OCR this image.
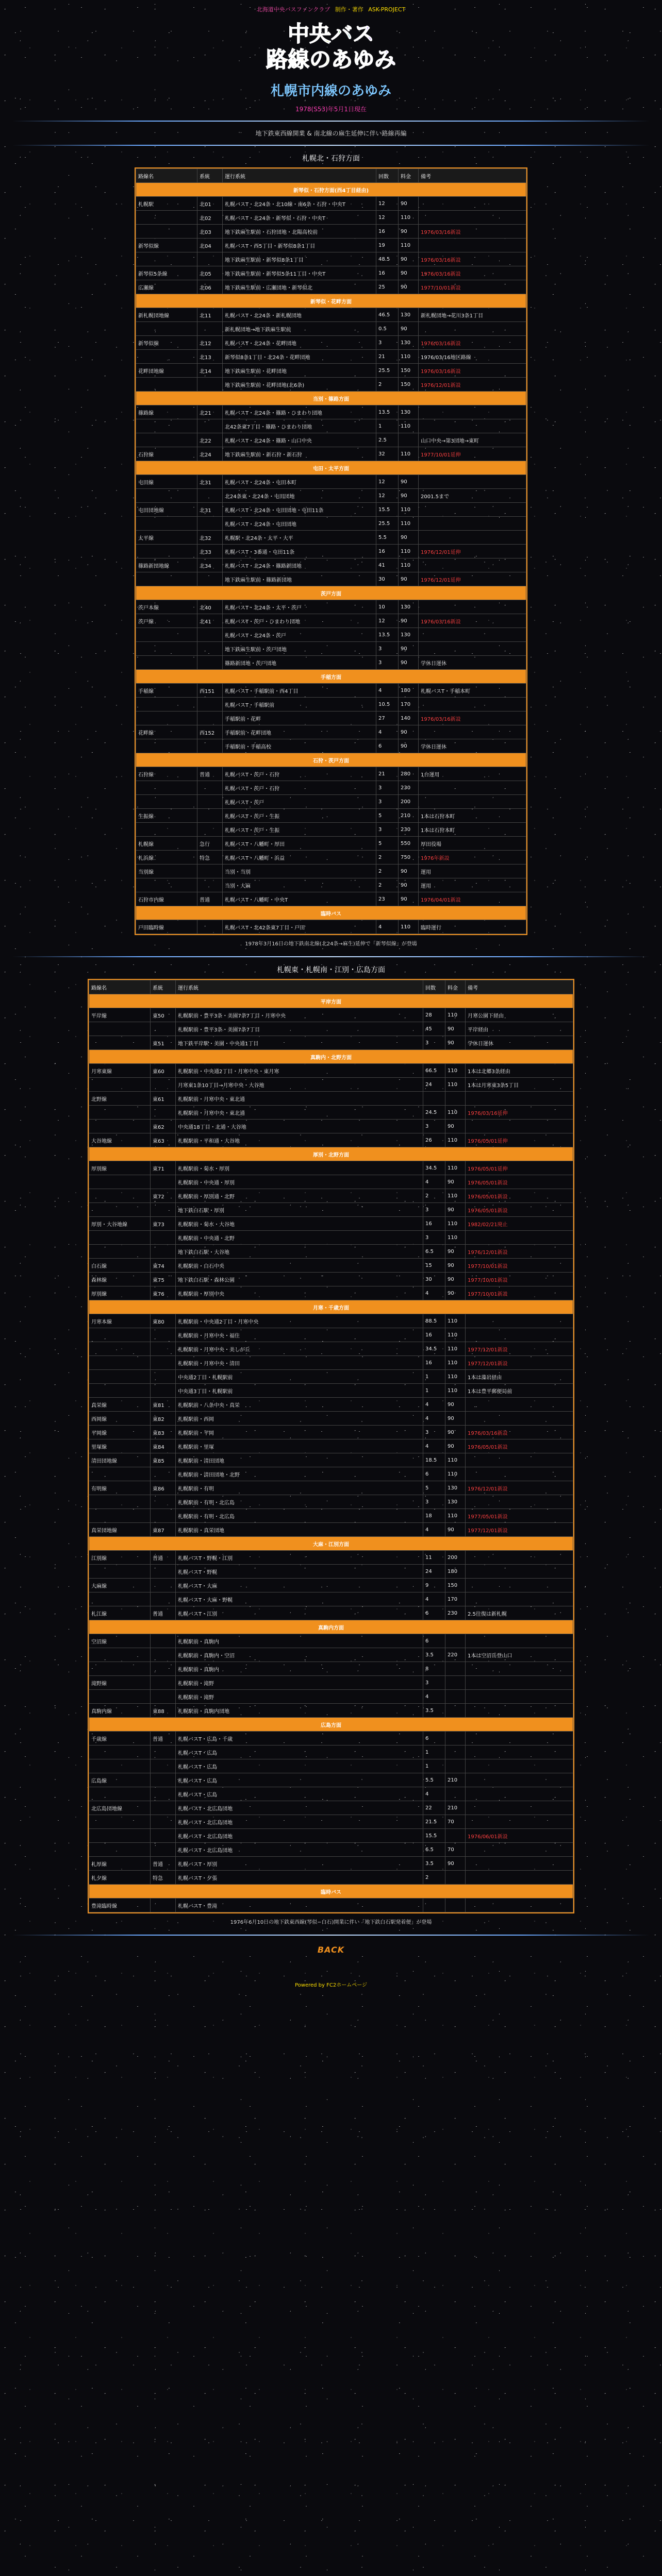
北海道中央バスファンクラブ 制作・著作 ASK-PROJECT
中央バス
路線のあゆみ
札幌市内線のあゆみ
1978(S53)年5月1日現在
地下鉄東西線開業 & 南北線の麻生延伸に伴い路線再編
札幌北・石狩方面
路線名	系統	運行系統	回数	料金	備考
新琴似・石狩方面(西4丁目経由)					
札幌駅	北01	札幌バスT・北24条・北10線・南6条・石狩・中央T	12	90	
	北02	札幌バスT・北24条・新琴似・石狩・中央T	12	110	
	北03	地下鉄麻生駅前・石狩団地・北陽高校前	16	90	1976/03/16新設
新琴似線	北04	札幌バスT・西5丁目・新琴似8条1丁目	19	110	
		地下鉄麻生駅前・新琴似8条1丁目	48.5	90	1976/03/16新設
新琴似5条線	北05	地下鉄麻生駅前・新琴似5条11丁目・中央T	16	90	1976/03/16新設
広瀬線	北06	地下鉄麻生駅前・広瀬団地・新琴似北	25	90	1977/10/01新設
新琴似・花畔方面					
新札幌団地線	北11	札幌バスT・北24条・新札幌団地	46.5	130	新札幌団地→花川3条1丁目
		新札幌団地→地下鉄麻生駅前	0.5	90	
新琴似線	北12	札幌バスT・北24条・花畔団地	3	130	1976/03/16新設
	北13	新琴似8条1丁目・北24条・花畔団地	21	110	1976/03/16地区路線
花畔団地線	北14	地下鉄麻生駅前・花畔団地	25.5	150	1976/03/16新設
		地下鉄麻生駅前・花畔団地(北6条)	2	150	1976/12/01新設
当別・篠路方面					
篠路線	北21	札幌バスT・北24条・篠路・ひまわり団地	13.5	130	
		北42条東7丁目・篠路・ひまわり団地	1	110	
	北22	札幌バスT・北24条・篠路・山口中央	2.5		山口中央→第3団地→東町
石狩線	北24	地下鉄麻生駅前・新石狩・新石狩	32	110	1977/10/01延伸
屯田・太平方面					
屯田線	北31	札幌バスT・北24条・屯田本町	12	90	
		北24条東・北24条・屯田団地	12	90	2001.5まで
屯田団地線	北31	札幌バスT・北24条・屯田団地・屯田11条	15.5	110	
		札幌バスT・北24条・屯田団地	25.5	110	
太平線	北32	札幌駅・北24条・太平・大平	5.5	90	
	北33	札幌バスT・3番通・屯田11条	16	110	1976/12/01延伸
篠路新団地線	北34	札幌バスT・北24条・篠路新団地	41	110	
		地下鉄麻生駅前・篠路新団地	30	90	1976/12/01延伸
茨戸方面					
茨戸本線	北40	札幌バスT・北24条・太平・茨戸	10	130	
茨戸線	北41	札幌バスT・茨戸・ひまわり団地	12	90	1976/03/16新設
		札幌バスT・北24条・茨戸	13.5	130	
		地下鉄麻生駅前・茨戸団地	3	90	
		篠路新団地・茨戸団地	3	90	学休日運休
手稲方面					
手稲線	西151	札幌バスT・手稲駅前・西4丁目	4	180	札幌バスT・手稲本町
		札幌バスT・手稲駅前	10.5	170	
		手稲駅前・花畔	27	140	1976/03/16新設
花畔線	西152	手稲駅前・花畔団地	4	90	
		手稲駅前・手稲高校	6	90	学休日運休
石狩・茨戸方面					
石狩線	普通	札幌バスT・茨戸・石狩	21	280	1台運用
		札幌バスT・茨戸・石狩	3	230	
		札幌バスT・茨戸	3	200	
生振線		札幌バスT・茨戸・生振	5	210	1本は石狩本町
		札幌バスT・茨戸・生振	3	230	1本は石狩本町
札幌線	急行	札幌バスT・八幡町・厚田	5	550	厚田役場
札浜線	特急	札幌バスT・八幡町・浜益	2	750	1976年新設
当別線		当別・当別	2	90	運用
		当別・大麻	2	90	運用
石狩市内線	普通	札幌バスT・八幡町・中央T	23	90	1976/04/01新設
臨時バス					
戸田臨時線		札幌バスT・北42条東7丁目・戸田	4	110	臨時運行
1978年3月16日の地下鉄南北線(北24条→麻生)延伸で「新琴似線」が登場
札幌東・札幌南・江別・広島方面
路線名	系統	運行系統	回数	料金	備考
平岸方面					
平岸線	東50	札幌駅前・豊平3条・美園7条7丁目・月寒中央	28	110	月寒公園下経由
		札幌駅前・豊平3条・美園7条7丁目	45	90	平岸経由
	東51	地下鉄平岸駅・美園・中央通1丁目	3	90	学休日運休
真駒内・北野方面					
月寒東線	東60	札幌駅前・中央通2丁目・月寒中央・東月寒	66.5	110	1本は北郷3条経由
		月寒東1条10丁目→月寒中央・大谷地	24	110	1本は月寒東3条5丁目
北野線	東61	札幌駅前・月寒中央・東北通			
		札幌駅前・月寒中央・東北通	24.5	110	1976/03/16延伸
	東62	中央通18丁目・北通・大谷地	3	90	
大谷地線	東63	札幌駅前・平和通・大谷地	26	110	1976/05/01延伸
厚別・北野方面					
厚別線	東71	札幌駅前・菊水・厚別	34.5	110	1976/05/01延伸
		札幌駅前・中央通・厚別	4	90	1976/05/01新設
	東72	札幌駅前・厚別通・北野	2	110	1976/05/01新設
		地下鉄白石駅・厚別	3	90	1976/05/01新設
厚別・大谷地線	東73	札幌駅前・菊水・大谷地	16	110	1982/02/21廃止
		札幌駅前・中央通・北野	3	110	
		地下鉄白石駅・大谷地	6.5	90	1976/12/01新設
白石線	東74	札幌駅前・白石中央	15	90	1977/10/01新設
森林線	東75	地下鉄白石駅・森林公園	30	90	1977/10/01新設
厚別線	東76	札幌駅前・厚別中央	4	90	1977/10/01新設
月寒・千歳方面					
月寒本線	東80	札幌駅前・中央通2丁目・月寒中央	88.5	110	
		札幌駅前・月寒中央・福住	16	110	
		札幌駅前・月寒中央・美しが丘	34.5	110	1977/12/01新設
		札幌駅前・月寒中央・清田	16	110	1977/12/01新設
		中央通2丁目・札幌駅前	1	110	1本は藻岩経由
		中央通3丁目・札幌駅前	1	110	1本は豊平郵便局前
真栄線	東81	札幌駅前・八条中央・真栄	4	90	
西岡線	東82	札幌駅前・西岡	4	90	
平岡線	東83	札幌駅前・平岡	3	90	1976/03/16新設
里塚線	東84	札幌駅前・里塚	4	90	1976/05/01新設
清田団地線	東85	札幌駅前・清田団地	18.5	110	
		札幌駅前・清田団地・北野	6	110	
有明線	東86	札幌駅前・有明	5	130	1976/12/01新設
		札幌駅前・有明・北広島	3	130	
		札幌駅前・有明・北広島	18	110	1977/05/01新設
真栄団地線	東87	札幌駅前・真栄団地	4	90	1977/12/01新設
大麻・江別方面					
江別線	普通	札幌バスT・野幌・江別	11	200	
		札幌バスT・野幌	24	180	
大麻線		札幌バスT・大麻	9	150	
		札幌バスT・大麻・野幌	4	170	
札江線	普通	札幌バスT・江別	6	230	2.5往復は新札幌
真駒内方面					
空沼線		札幌駅前・真駒内	6		
		札幌駅前・真駒内・空沼	3.5	220	1本は空沼岳登山口
		札幌駅前・真駒内	8		
滝野線		札幌駅前・滝野	3		
		札幌駅前・滝野	4		
真駒内線	東88	札幌駅前・真駒内団地	3.5		
広島方面					
千歳線	普通	札幌バスT・広島・千歳	6		
		札幌バスT・広島	1		
		札幌バスT・広島	1		
広島線		札幌バスT・広島	5.5	210	
		札幌バスT・広島	4		
北広島団地線		札幌バスT・北広島団地	22	210	
		札幌バスT・北広島団地	21.5	70	
		札幌バスT・北広島団地	15.5		1976/06/01新設
		札幌バスT・北広島団地	6.5	70	
札厚線	普通	札幌バスT・厚別	3.5	90	
札夕線	特急	札幌バスT・夕張	2		
臨時バス					
豊滝臨時線		札幌バスT・豊滝			
1976年6月10日の地下鉄東西線(琴似−白石)開業に伴い「地下鉄白石駅発着便」が登場
BACK
Powered by FC2ホームページ
